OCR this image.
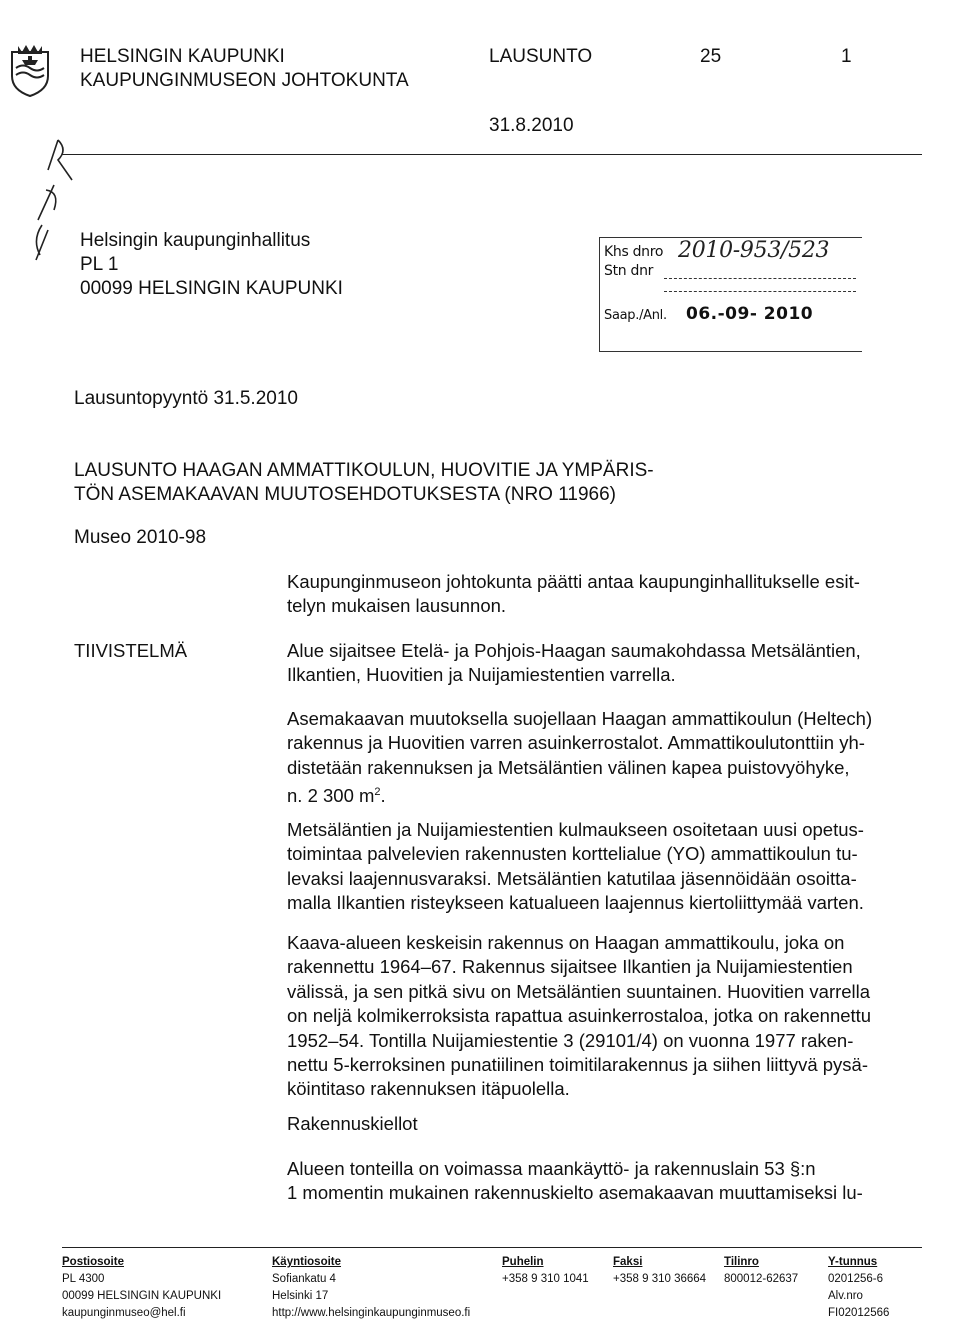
HELSINGIN KAUPUNKI
KAUPUNGINMUSEON JOHTOKUNTA
LAUSUNTO	25	1
31.8.2010
Helsingin kaupunginhallitus
PL 1
00099 HELSINGIN KAUPUNKI
Khs dnro 2010-953/523
Stn dnr
Saap./Anl. 06.-09- 2010
Lausuntopyyntö 31.5.2010
LAUSUNTO HAAGAN AMMATTIKOULUN, HUOVITIE JA YMPÄRIS-
TÖN ASEMAKAAVAN MUUTOSEHDOTUKSESTA (NRO 11966)
Museo 2010-98
Kaupunginmuseon johtokunta päätti antaa kaupunginhallitukselle esit-
telyn mukaisen lausunnon.
TIIVISTELMÄ	Alue sijaitsee Etelä- ja Pohjois-Haagan saumakohdassa Metsäläntien,
Ilkantien, Huovitien ja Nuijamiestentien varrella.
Asemakaavan muutoksella suojellaan Haagan ammattikoulun (Heltech)
rakennus ja Huovitien varren asuinkerrostalot. Ammattikoulutonttiin yh-
distetään rakennuksen ja Metsäläntien välinen kapea puistovyöhyke,
n. 2 300 $m^2$.
Metsäläntien ja Nuijamiestentien kulmaukseen osoitetaan uusi opetus-
toimintaa palvelevien rakennusten korttelialue (YO) ammattikoulun tu-
levaksi laajennusvaraksi. Metsäläntien katutilaa jäsennöidään osoitta-
malla Ilkantien risteykseen katualueen laajennus kiertoliittymää varten.
Kaava-alueen keskeisin rakennus on Haagan ammattikoulu, joka on
rakennettu 1964–67. Rakennus sijaitsee Ilkantien ja Nuijamiestentien
välissä, ja sen pitkä sivu on Metsäläntien suuntainen. Huovitien varrella
on neljä kolmikerroksista rapattua asuinkerrostaloa, jotka on rakennettu
1952–54. Tontilla Nuijamiestentie 3 (29101/4) on vuonna 1977 raken-
nettu 5-kerroksinen punatiilinen toimitilarakennus ja siihen liittyvä pysä-
köintitaso rakennuksen itäpuolella.
Rakennuskiellot
Alueen tonteilla on voimassa maankäyttö- ja rakennuslain 53 §:n
1 momentin mukainen rakennuskielto asemakaavan muuttamiseksi lu-
Postiosoite
PL 4300
00099 HELSINGIN KAUPUNKI
kaupunginmuseo@hel.fi
Käyntiosoite
Sofiankatu 4
Helsinki 17
http://www.helsinginkaupunginmuseo.fi
Puhelin
+358 9 310 1041
Faksi
+358 9 310 36664
Tilinro
800012-62637
Y-tunnus
0201256-6
Alv.nro
FI02012566
